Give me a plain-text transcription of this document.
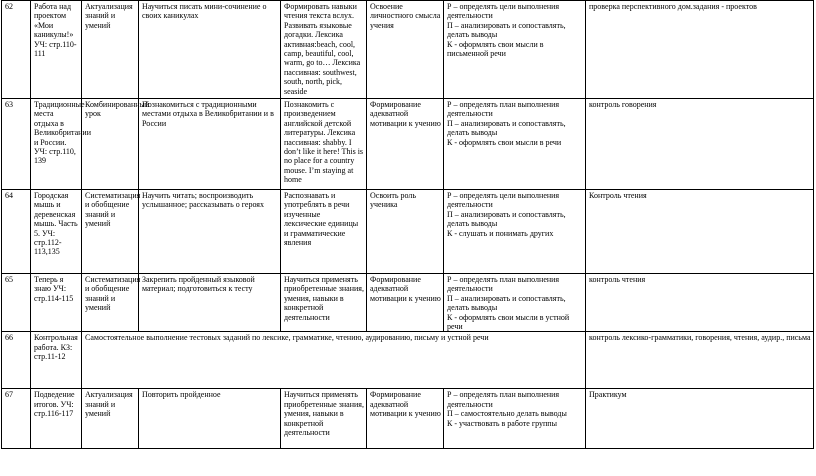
62	Работа над проектом «Мои каникулы!» УЧ: стр.110-111	Актуализация знаний и умений	Научиться писать мини-сочинение о своих каникулах	Формировать навыки чтения текста вслух. Развивать языковые догадки. Лексика активная:beach, cool, camp, beautiful, cool, warm, go to… Лексика пассивная: southwest, south, north, pick, seaside	Освоение личностного смысла учения	Р – определять цели выполнения деятельности
П – анализировать и сопоставлять, делать выводы
К - оформлять свои мысли в письменной речи	проверка перспективного дом.задания - проектов
63	Традиционные места отдыха в Великобритании и России. УЧ: стр.110, 139	Комбинированный урок	Познакомиться с традиционными местами отдыха в Великобритании и в России	Познакомить с произведением английской детской литературы. Лексика пассивная: shabby. I don’t like it here! This is no place for a country mouse. I’m staying at home	Формирование адекватной мотивации к учению	Р – определять план выполнения деятельности
П – анализировать и сопоставлять, делать выводы
К - оформлять свои мысли в речи	контроль говорения
64	Городская мышь и деревенская мышь. Часть 5. УЧ: стр.112-113,135	Систематизация и обобщение знаний и умений	Научить читать; воспроизводить услышанное; рассказывать о героях	Распознавать и употреблять в речи изученные лексические единицы и грамматические явления	Освоить роль ученика	Р – определять цели выполнения деятельности
П – анализировать и сопоставлять, делать выводы
К - слушать и понимать других	Контроль чтения
65	Теперь я знаю УЧ: стр.114-115	Систематизация и обобщение знаний и умений	Закрепить пройденный языковой материал; подготовиться к тесту	Научиться применять приобретенные знания, умения, навыки в конкретной деятельности	Формирование адекватной мотивации к учению	Р – определять план выполнения деятельности
П – анализировать и сопоставлять, делать выводы
К - оформлять свои мысли в устной речи	контроль чтения
66	Контрольная работа. КЗ: стр.11-12	Самостоятельное выполнение тестовых заданий по лексике, грамматике, чтению, аудированию, письму и устной речи					контроль лексико-грамматики, говорения, чтения, аудир., письма
67	Подведение итогов. УЧ: стр.116-117	Актуализация знаний и умений	Повторить пройденное	Научиться применять приобретенные знания, умения, навыки в конкретной деятельности	Формирование адекватной мотивации к учению	
Р – определять план выполнения деятельности
П – самостоятельно делать выводы
К - участвовать в работе группы
	Практикум
